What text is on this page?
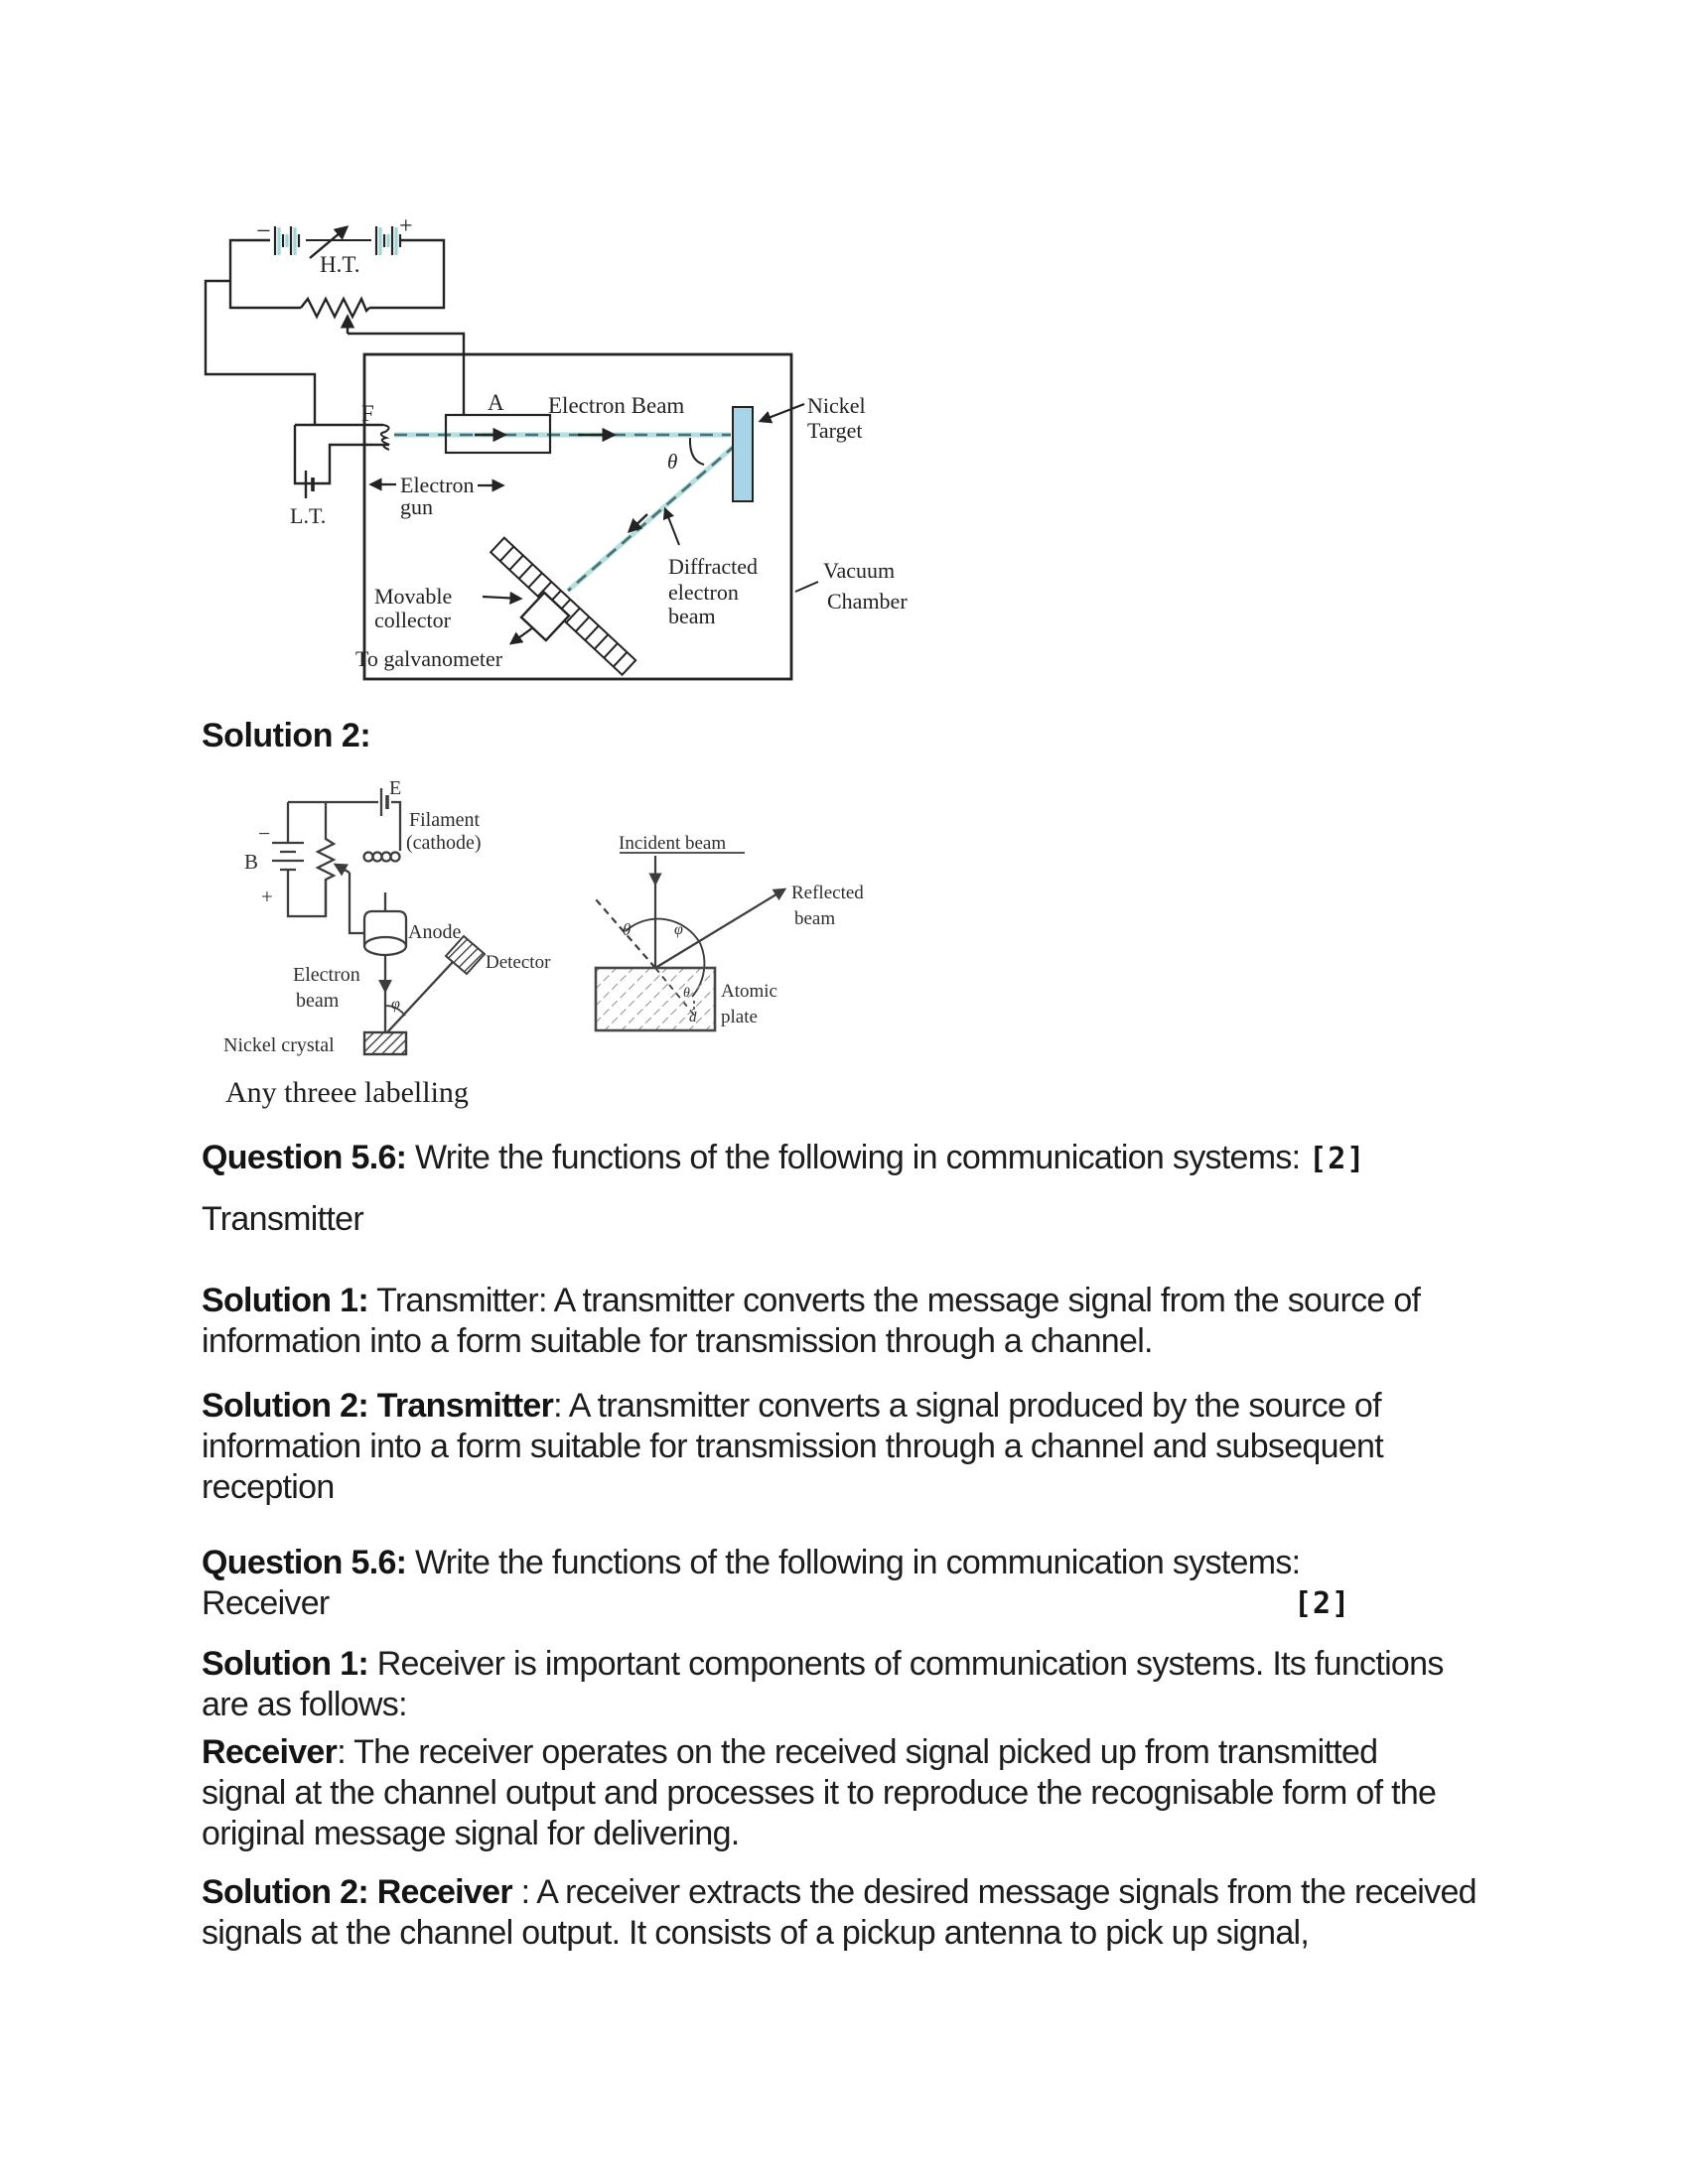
−	+
H.T.
θ
A Electron Beam
F
L.T.
Electron
gun
Nickel
Target
Movable
collector
To galvanometer
Diffracted
electron
beam
Vacuum
Chamber
Solution 2:
E
B
−
+
Filament
(cathode)
Anode
Detector
Electron
beam	φ
Nickel crystal
Incident beam
θ	φ
Reflected
beam
θ
d
Atomic
plate
Any threee labelling
Question 5.6: Write the functions of the following in communication systems: [2]
Transmitter
Solution 1: Transmitter: A transmitter converts the message signal from the source of
information into a form suitable for transmission through a channel.
Solution 2: Transmitter: A transmitter converts a signal produced by the source of
information into a form suitable for transmission through a channel and subsequent
reception
Question 5.6: Write the functions of the following in communication systems:
Receiver	[2]
Solution 1: Receiver is important components of communication systems. Its functions
are as follows:
Receiver: The receiver operates on the received signal picked up from transmitted
signal at the channel output and processes it to reproduce the recognisable form of the
original message signal for delivering.
Solution 2: Receiver : A receiver extracts the desired message signals from the received
signals at the channel output. It consists of a pickup antenna to pick up signal,
